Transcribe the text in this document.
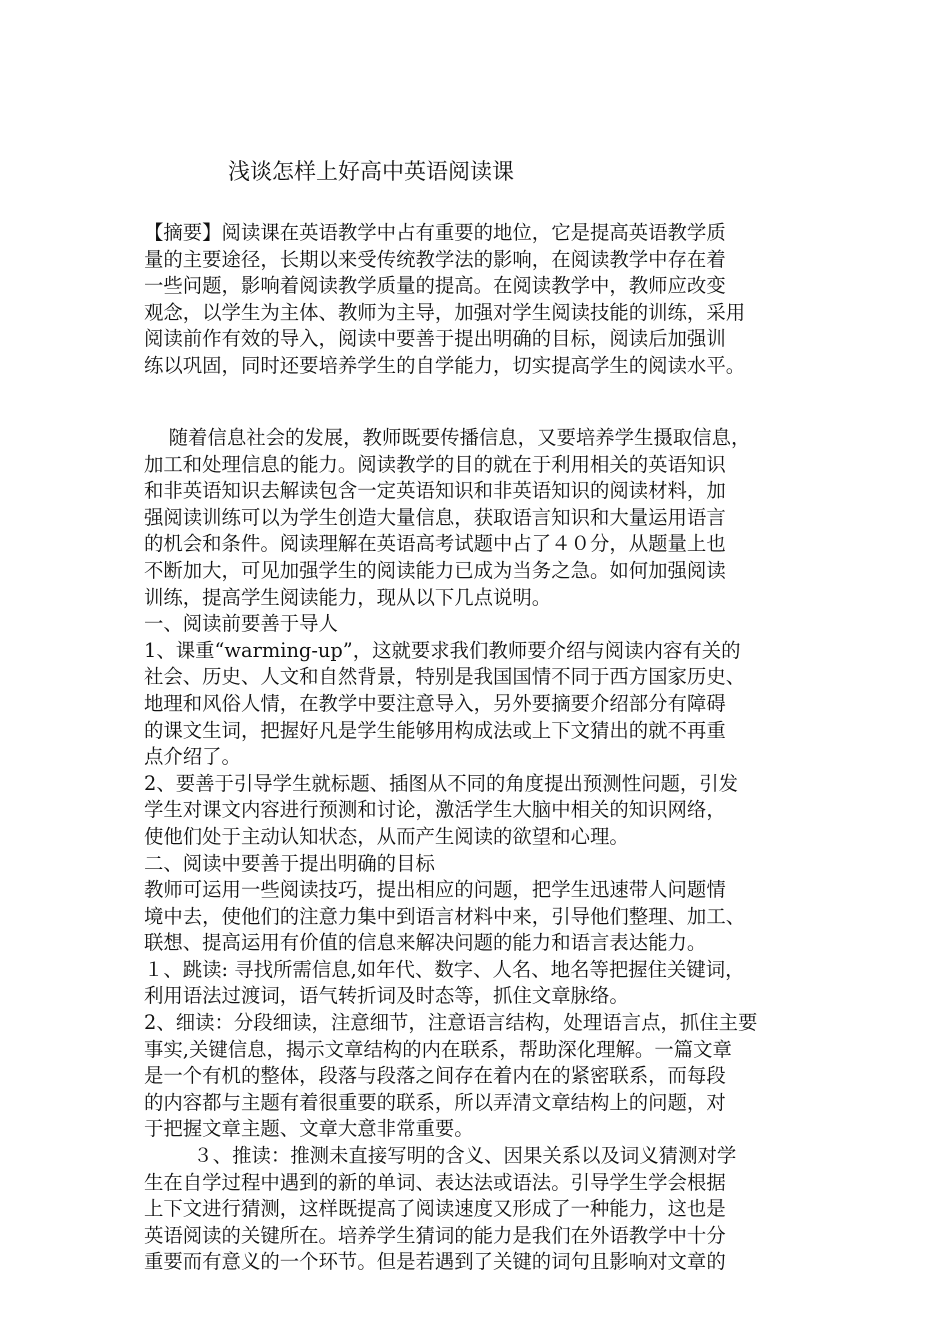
浅谈怎样上好高中英语阅读课
【摘要】阅读课在英语教学中占有重要的地位，它是提高英语教学质
量的主要途径，长期以来受传统教学法的影响，在阅读教学中存在着
一些问题，影响着阅读教学质量的提高。在阅读教学中，教师应改变
观念，以学生为主体、教师为主导，加强对学生阅读技能的训练，采用
阅读前作有效的导入，阅读中要善于提出明确的目标，阅读后加强训
练以巩固，同时还要培养学生的自学能力，切实提高学生的阅读水平。
随着信息社会的发展，教师既要传播信息，又要培养学生摄取信息，
加工和处理信息的能力。阅读教学的目的就在于利用相关的英语知识
和非英语知识去解读包含一定英语知识和非英语知识的阅读材料，加
强阅读训练可以为学生创造大量信息，获取语言知识和大量运用语言
的机会和条件。阅读理解在英语高考试题中占了４０分，从题量上也
不断加大，可见加强学生的阅读能力已成为当务之急。如何加强阅读
训练，提高学生阅读能力，现从以下几点说明。
一、阅读前要善于导人
1、课重“warming-up”，这就要求我们教师要介绍与阅读内容有关的
社会、历史、人文和自然背景，特别是我国国情不同于西方国家历史、
地理和风俗人情，在教学中要注意导入，另外要摘要介绍部分有障碍
的课文生词，把握好凡是学生能够用构成法或上下文猜出的就不再重
点介绍了。
2、要善于引导学生就标题、插图从不同的角度提出预测性问题，引发
学生对课文内容进行预测和讨论，激活学生大脑中相关的知识网络，
使他们处于主动认知状态，从而产生阅读的欲望和心理。
二、阅读中要善于提出明确的目标
教师可运用一些阅读技巧，提出相应的问题，把学生迅速带人问题情
境中去，使他们的注意力集中到语言材料中来，引导他们整理、加工、
联想、提高运用有价值的信息来解决问题的能力和语言表达能力。
１、跳读: 寻找所需信息,如年代、数字、人名、地名等把握住关键词，
利用语法过渡词，语气转折词及时态等，抓住文章脉络。
2、细读：分段细读，注意细节，注意语言结构，处理语言点，抓住主要
事实,关键信息，揭示文章结构的内在联系，帮助深化理解。一篇文章
是一个有机的整体，段落与段落之间存在着内在的紧密联系，而每段
的内容都与主题有着很重要的联系，所以弄清文章结构上的问题，对
于把握文章主题、文章大意非常重要。
３、推读：推测未直接写明的含义、因果关系以及词义猜测对学
生在自学过程中遇到的新的单词、表达法或语法。引导学生学会根据
上下文进行猜测，这样既提高了阅读速度又形成了一种能力，这也是
英语阅读的关键所在。培养学生猜词的能力是我们在外语教学中十分
重要而有意义的一个环节。但是若遇到了关键的词句且影响对文章的
